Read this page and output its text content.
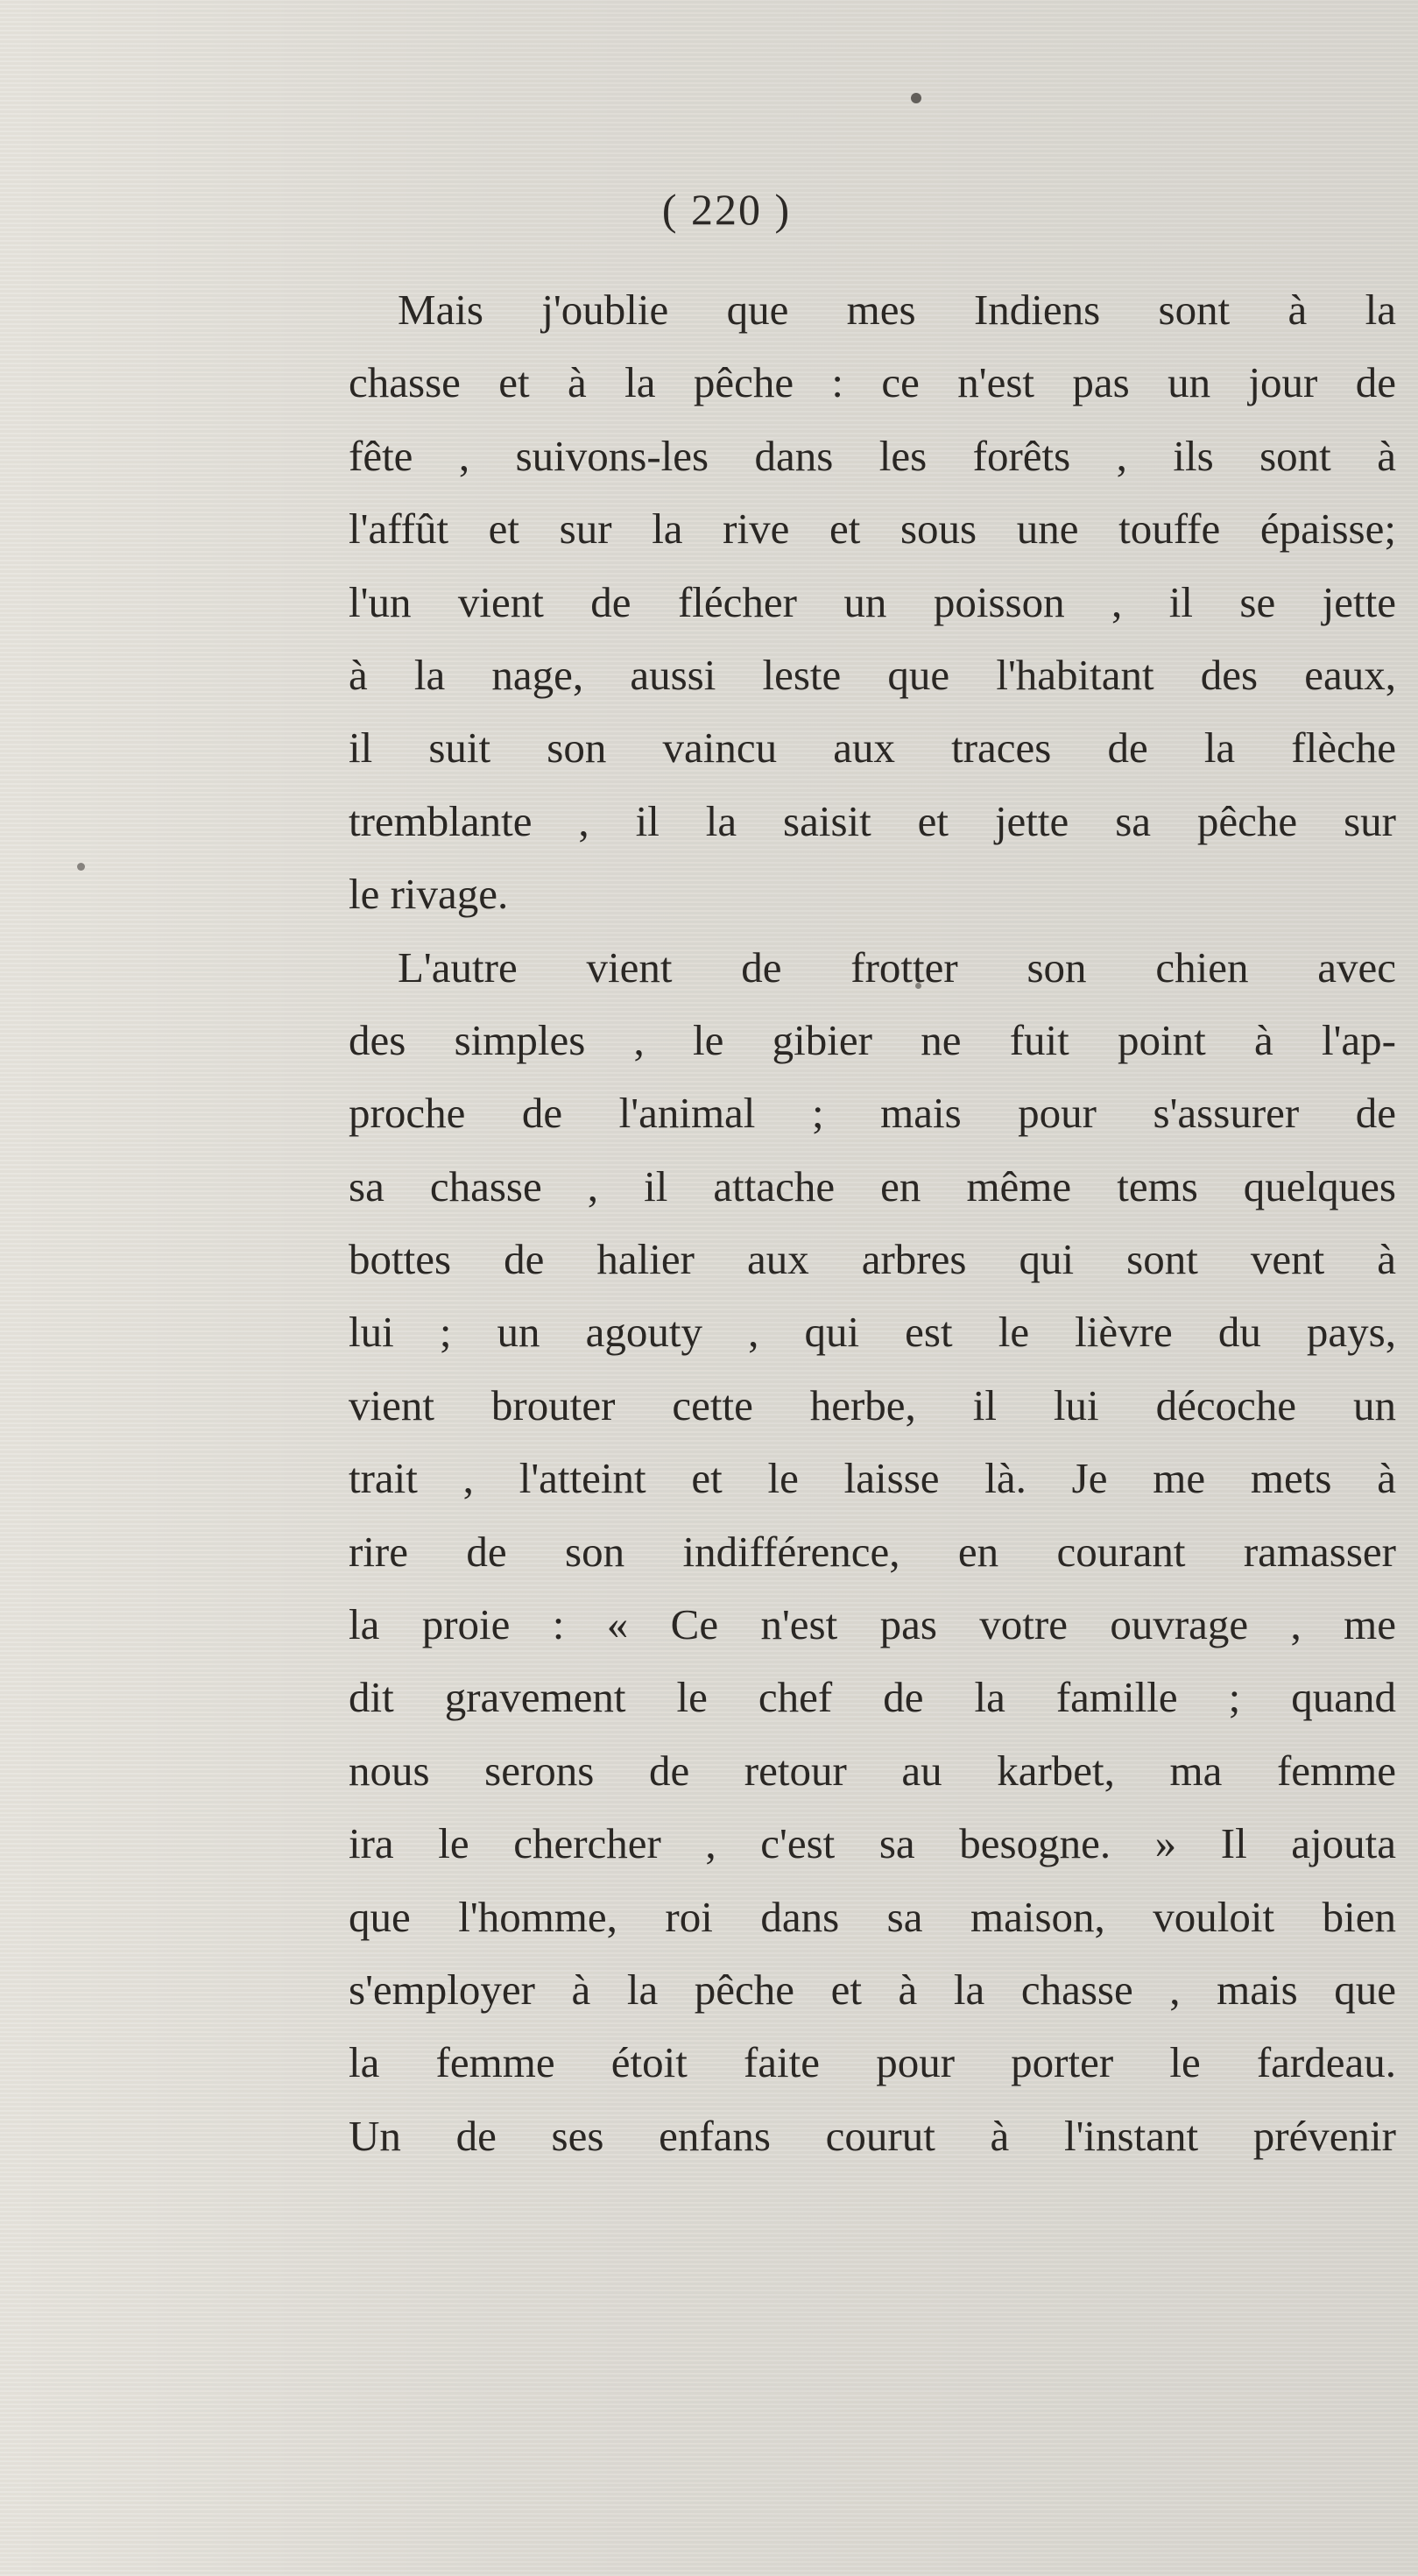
( 220 )
Mais j'oublie que mes Indiens sont à la
chasse et à la pêche : ce n'est pas un jour de
fête , suivons-les dans les forêts , ils sont à
l'affût et sur la rive et sous une touffe épaisse;
l'un vient de flécher un poisson , il se jette
à la nage, aussi leste que l'habitant des eaux,
il suit son vaincu aux traces de la flèche
tremblante , il la saisit et jette sa pêche sur
le rivage.
L'autre vient de frotter son chien avec
des simples , le gibier ne fuit point à l'ap-
proche de l'animal ; mais pour s'assurer de
sa chasse , il attache en même tems quelques
bottes de halier aux arbres qui sont vent à
lui ; un agouty , qui est le lièvre du pays,
vient brouter cette herbe, il lui décoche un
trait , l'atteint et le laisse là. Je me mets à
rire de son indifférence, en courant ramasser
la proie : « Ce n'est pas votre ouvrage , me
dit gravement le chef de la famille ; quand
nous serons de retour au karbet, ma femme
ira le chercher , c'est sa besogne. » Il ajouta
que l'homme, roi dans sa maison, vouloit bien
s'employer à la pêche et à la chasse , mais que
la femme étoit faite pour porter le fardeau.
Un de ses enfans courut à l'instant prévenir
